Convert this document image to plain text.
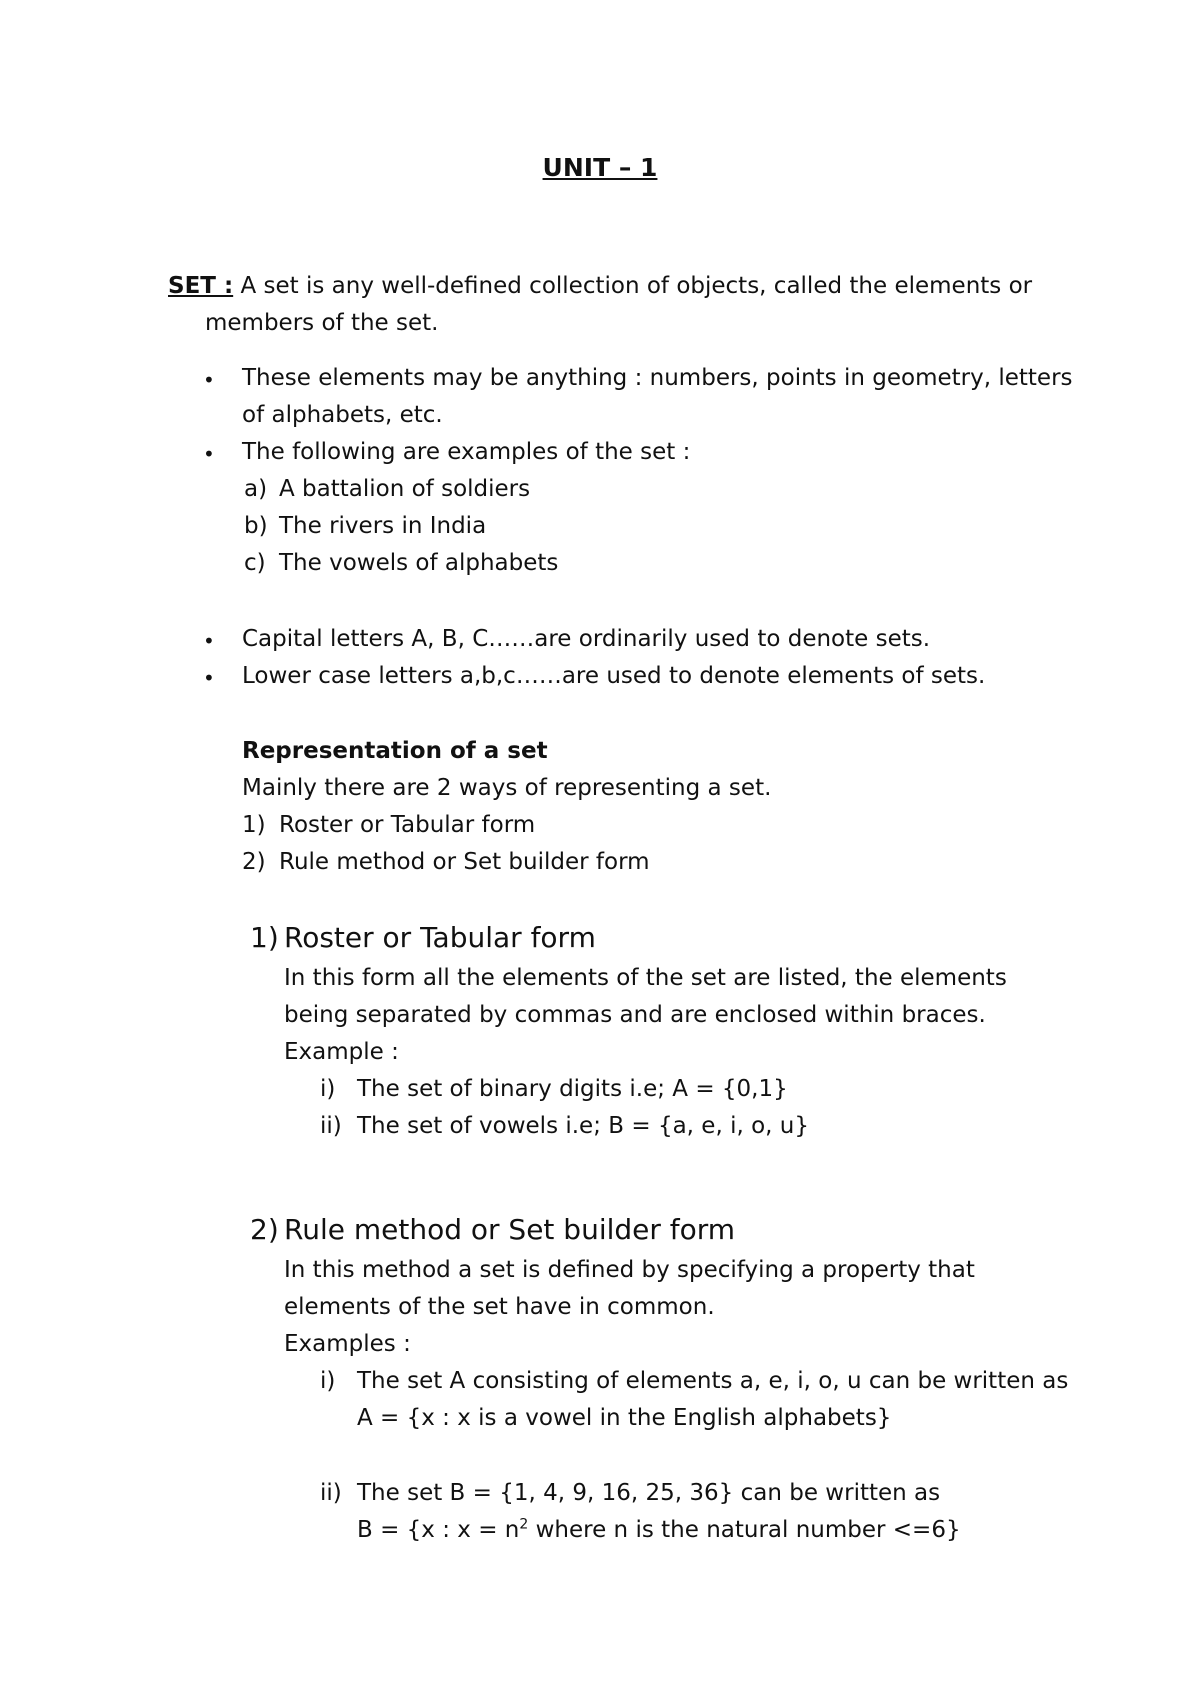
UNIT – 1
SET : A set is any well-defined collection of objects, called the elements or
members of the set.
• These elements may be anything : numbers, points in geometry, letters
of alphabets, etc.
• The following are examples of the set :
a) A battalion of soldiers
b) The rivers in India
c) The vowels of alphabets
• Capital letters A, B, C……are ordinarily used to denote sets.
• Lower case letters a,b,c……are used to denote elements of sets.
Representation of a set
Mainly there are 2 ways of representing a set.
1) Roster or Tabular form
2) Rule method or Set builder form
1) Roster or Tabular form
In this form all the elements of the set are listed, the elements
being separated by commas and are enclosed within braces.
Example :
i) The set of binary digits i.e; A = {0,1}
ii) The set of vowels i.e; B = {a, e, i, o, u}
2) Rule method or Set builder form
In this method a set is defined by specifying a property that
elements of the set have in common.
Examples :
i) The set A consisting of elements a, e, i, o, u can be written as
A = {x : x is a vowel in the English alphabets}
ii) The set B = {1, 4, 9, 16, 25, 36} can be written as
B = {x : $x = n^2$ where n is the natural number <=6}
